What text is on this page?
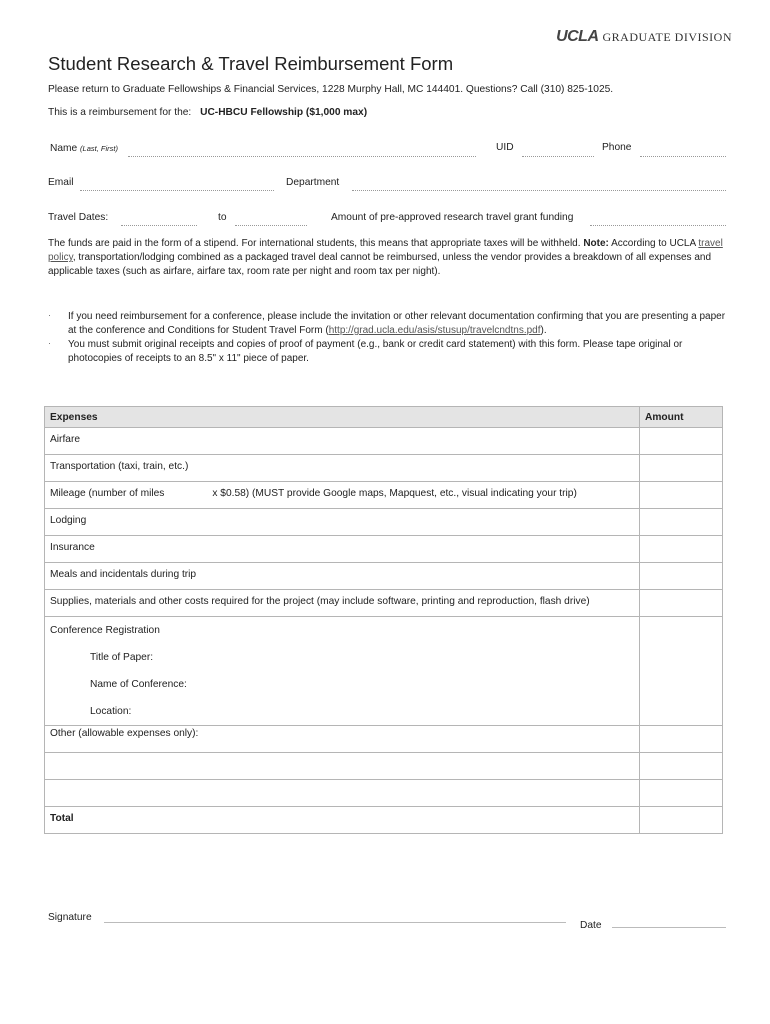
UCLA GRADUATE DIVISION
Student Research & Travel Reimbursement Form
Please return to Graduate Fellowships & Financial Services, 1228 Murphy Hall, MC 144401. Questions? Call (310) 825-1025.
This is a reimbursement for the: UC-HBCU Fellowship ($1,000 max)
Name (Last, First)	UID	Phone
Email	Department
Travel Dates:	to	Amount of pre-approved research travel grant funding
The funds are paid in the form of a stipend. For international students, this means that appropriate taxes will be withheld. Note: According to UCLA travel policy, transportation/lodging combined as a packaged travel deal cannot be reimbursed, unless the vendor provides a breakdown of all expenses and applicable taxes (such as airfare, airfare tax, room rate per night and room tax per night).
· If you need reimbursement for a conference, please include the invitation or other relevant documentation confirming that you are presenting a paper at the conference and Conditions for Student Travel Form (http://grad.ucla.edu/asis/stusup/travelcndtns.pdf).
· You must submit original receipts and copies of proof of payment (e.g., bank or credit card statement) with this form. Please tape original or photocopies of receipts to an 8.5" x 11" piece of paper.
Expenses	Amount

Airfare	

Transportation (taxi, train, etc.)	

Mileage (number of miles x $0.58) (MUST provide Google maps, Mapquest, etc., visual indicating your trip)	

Lodging	

Insurance	

Meals and incidentals during trip	

Supplies, materials and other costs required for the project (may include software, printing and reproduction, flash drive)	

Conference Registration
Title of Paper:
Name of Conference:
Location:	

Other (allowable expenses only):	

Total	

Signature
Date
